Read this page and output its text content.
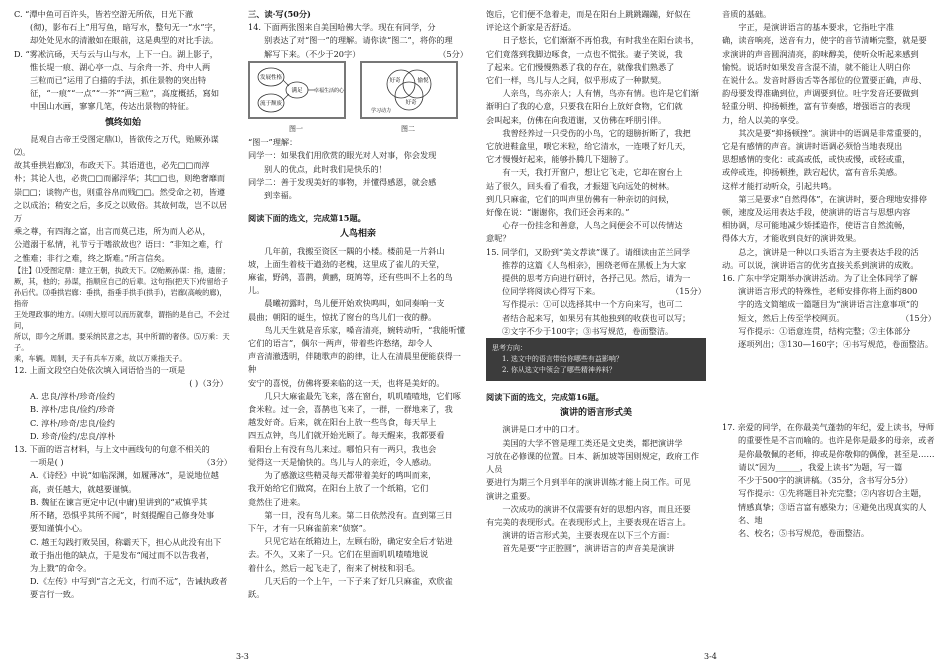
C. “潭中鱼可百许头，皆若空游无所依，日光下澈

(彻)，影布石上”用写鱼，暗写水，整句无一“水”字，

却处处见水的清澈如在眼前，这是典型的对比手法。

D. “雾凇沆砀，天与云与山与水，上下一白。湖上影子，

惟长堤一痕、湖心亭一点、与余舟一芥、舟中人两

三粒而已”运用了白描的手法，抓住景物的突出特

征，“一痕”“一点”“一芥”“两三粒”，高度概括，寫如

中国山水画，寥寥几笔，传达出景物的特征。

慎终如始

昆观自古帝王受图定鼎⑴，皆欲传之万代，贻厥孙谋⑵。

故其垂拱岩廊⑶，布政天下。其语道也，必先□□而淳

朴；其论人也，必贵□□而鄙浮华；其□□也，则绝奢靡而

崇□□；谈物产也，则重谷帛而贱□□。然受命之初，皆遵

之以成治；稍安之后，多反之以败俗。其故何哉，岂不以居万

乘之尊，有四海之富，出言而莫己违，所为而人必从，

公道溺于私情，礼节亏于嗜欲故也？语曰：“非知之难，行

之惟难；非行之难，终之斯难。”所言信矣。

【注】⑴受图定鼎：建立王朝，执政天下。⑵贻厥孙谋：指，遗留；

厥，其，他的；孙谋，指顺应自己的后辈。这句指(把天下)传留给子

孙后代。⑶垂拱岩廊：垂拱，指垂手拱手(拱手)，岩廊(高峻的廊)，指帝

王处理政事的地方。⑷则大原可以而历就奉，谓指的是自己，不会过问，

所以，即今之所谓。要采纳民意之志，其中所谓的奢侈。⑸万乘：天子。

乘，车辆。周制，天子有兵车万乘，故以万乘指天子。

12. 上面文段空白处依次填入词语恰当的一项是

( )（3分）

A. 忠良/淳朴/珍奇/俭约

B. 淳朴/忠良/俭约/珍奇

C. 淳朴/珍奇/忠良/俭约

D. 珍奇/俭约/忠良/淳朴

13. 下面的语言材料，与上文中画线句的句意不相关的

一项是( )	（3分）

A.《诗经》中说“如临深渊，如履薄冰”，是说地位越

高，责任越大，就越要谨慎。

B. 魏征在谏言更定中记(中庸)里讲到的“戒慎乎其

所不睹，恐惧乎其所不闻”，时刻提醒自己修身处事

要知谨慎小心。

C. 越王勾践打败吴国，称霸天下，担心从此没有出下

敢于指出他的缺点，于是发布“闻过而不以告我者，

为上戮”的命令。

D.《左传》中写到“言之无文，行而不远”，告诫执政者

要言行一致。

三、读·写(50分)

14. 下面两张图来自美国哈佛大学。现在有同学，分

别表达了对“图一”的理解。请你读“图二”，将你的理

解写下来。（不少于20字）	（5分）

发展性格
流于颓废
满足 幸福生活的心
图一
好奇	愉悦
好奇
学习动力
图二

“图一”理解：

同学一：如果我们用欣赏的眼光对人对事，你会发现

别人的优点，此时我们是快乐的！

同学二：善于发现美好的事物，并懂得感恩，就会感

到幸福。

阅读下面的选文，完成第15题。

人鸟相亲

几年前，我搬至资区一隅的小楼。楼前是一片斜山

坡，上面生着枝干遒劲的老槐，这里成了雀儿的天堂，

麻雀，野鸽，喜鹊，黄鹂，斑鸠等，还有些叫不上名的鸟儿。

晨曦初露时，鸟儿便开始欢快鸣叫，如同奏响一支

晨曲；朝阳的诞生，惊扰了窗台的鸟儿们一夜的静。

鸟儿天生就是音乐家，嗓音清亮，婉转动听，“我能听懂

它们的语言”，偶尔一两声，带着些许愁绪，却令人

声音清澈透明，伴随歌声的韵律，让人在清晨里便能获得一种

安宁的喜悦，仿佛将要来临的这一天，也将是美好的。

几只大麻雀最先飞来，落在窗台，叽叽喳喳地，它们啄

食米粒。过一会，喜鹊也飞来了，一群，一群地来了，我

越发好奇。后来，就在阳台上放一些鸟食，每天早上

四五点钟，鸟儿们就开始光顾了。每天醒来，我都要看

看阳台上有没有鸟儿来过。哪怕只有一两只，我也会

觉得这一天是愉快的。鸟儿与人的亲近，令人感动。

为了感激这些精灵每天都带着美好的鸣叫而来，

我开始给它们做窝，在阳台上放了一个纸箱，它们

竟然住了进来。

第一日，没有鸟儿来。第二日依然没有。直到第三日

下午，才有一只麻雀前来“侦察”。

只见它站在纸箱边上，左顾右盼，确定安全后才钻进

去。不久，又来了一只。它们在里面叽叽喳喳地说

着什么，然后一起飞走了，衔来了树枝和羽毛。

几天后的一个上午，一下子来了好几只麻雀，欢欣雀跃。

3-3

饱后，它们便不急着走，而是在阳台上跳跳蹦蹦，好似在

评论这个新家是否舒适。

日子悠长，它们渐渐不再怕我，有时我坐在阳台读书，

它们竟落到我脚边啄食，一点也不慌张。妻子笑说，我

了起来。它们慢慢熟悉了我的存在，就像我们熟悉了

它们一样，鸟儿与人之间，似乎形成了一种默契。

人亲鸟，鸟亦亲人；人有情，鸟亦有情。也许是它们渐

渐明白了我的心意，只要我在阳台上放好食物，它们就

会叫起来，仿佛在向我道谢，又仿佛在呼朋引伴。

我曾经养过一只受伤的小鸟，它的翅膀折断了，我把

它放进鞋盒里，喂它米粒，给它清水，一连喂了好几天，

它才慢慢好起来，能够扑腾几下翅膀了。

有一天，我打开窗户，想让它飞走，它却在窗台上

站了很久，回头看了看我，才振翅飞向远处的树林。

到几只麻雀，它们的叫声里仿佛有一种亲切的问候，

好像在说：“谢谢你，我们还会再来的。”

心存一份挂念和善意，人鸟之间便会不可以传情达

意呢？

15. 同学们，又盼到“美文荐读”课了。请细读由芷兰同学

推荐的这篇《人鸟相亲》，围绕老师在黑板上为大家

提供的思考方向进行研讨，各抒己见。然后，请为一

位同学将阅读心得写下来。	（15分）

写作提示：①可以选择其中一个方向来写，也可二

者结合起来写，如果另有其他独到的收获也可以写；

②文字不少于100字；③书写规范，卷面整洁。

思考方向：
1. 选文中的语言带给你哪些有益影响？
2. 你从选文中领会了哪些精神养料？

阅读下面的选文，完成第16题。

演讲的语言形式美

演讲是口才中的口才。

美国的大学不管是理工类还是文史类，都把演讲学

习放在必修课的位置。日本、新加坡等国则规定，政府工作人员

要进行为期三个月到半年的演讲训练才能上岗工作。可见

演讲之重要。

一次成功的演讲不仅需要有好的思想内容，而且还要

有完美的表现形式。在表现形式上，主要表现在语言上。

演讲的语言形式美，主要表现在以下三个方面：

首先是要“字正腔圆”，演讲语言的声音美是演讲

3-4

音质的基础。

字正，是演讲语言的基本要求，它指吐字准

确，读音响亮，送音有力，使字的音节清晰完整，就是要

求演讲的声音圆润清亮，韵味醇美，使听众听起来感到

愉悦。说话时如果发音含混不清，就不能让人明白你

在说什么。发音时唇齿舌等各部位的位置要正确，声母、

韵母要发得准确到位，声调要到位。吐字发音还要做到

轻重分明、抑扬顿挫，富有节奏感，增强语言的表现

力，给人以美的享受。

其次是要“抑扬顿挫”。演讲中的语调是非常重要的，

它是有感情的声音。演讲时语调必须恰当地表现出

思想感情的变化：或高或低，或快或慢，或轻或重，

或停或连，抑扬顿挫，跌宕起伏，富有音乐美感。

这样才能打动听众，引起共鸣。

第三是要求“自然得体”，在演讲时，要合理地安排停

顿，速度及运用表达手段，使演讲的语言与思想内容

相协调，尽可能地减少矫揉造作，使语言自然流畅，

得体大方，才能收到良好的演讲效果。

总之，演讲是一种以口头语言为主要表达手段的活

动。可以说，演讲语言的优劣直接关系到演讲的成败。

16. 广东中学定期举办演讲活动。为了让全体同学了解

演讲语言形式的特殊性，老师安排你将上面约800

字的选文简缩成一篇题目为“演讲语言注意事项”的

短文，然后上传至学校网页。	（15分）

写作提示：①语意连贯，结构完整；②主体部分

逐项列出；③130—160字；④书写规范，卷面整洁。

17. 亲爱的同学，在你最美气蓬勃的年纪，爱上读书，导师

的重要性是不言而喻的。也许是你是最多的母亲，或者

是你最敬佩的老师，抑或是你敬仰的偶像，甚至是……

请以“因为______，我爱上读书”为题，写一篇

不少于500字的演讲稿。（35分，含书写分5分）

写作提示：①先将题目补充完整；②内容切合主题，

情感真挚；③语言富有感染力；④避免出现真实的人名、地

名、校名；⑤书写规范，卷面整洁。
